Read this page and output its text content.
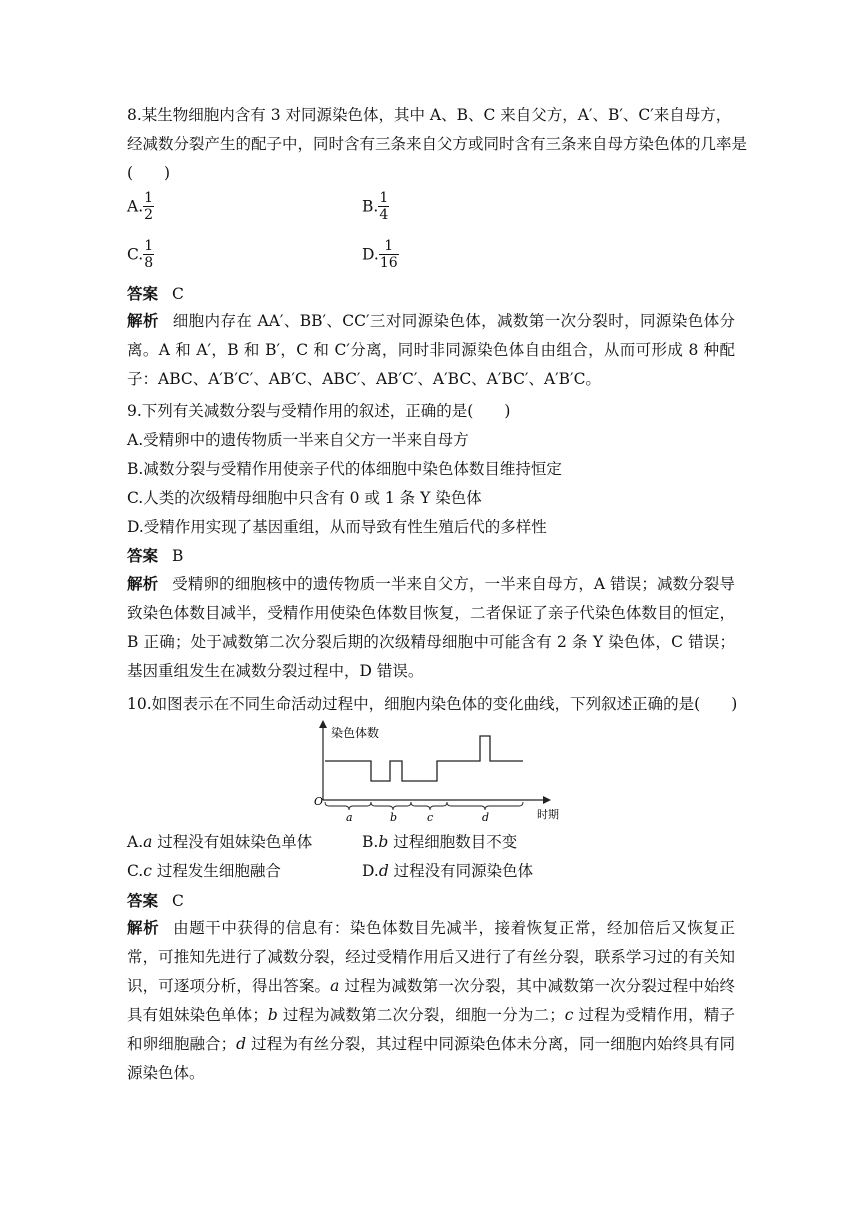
8.某生物细胞内含有 3 对同源染色体，其中 A、B、C 来自父方，A′、B′、C′来自母方，
经减数分裂产生的配子中，同时含有三条来自父方或同时含有三条来自母方染色体的几率是
(　　)
A. $\frac{1}{2}$	B. $\frac{1}{4}$
C. $\frac{1}{8}$	D. $\frac{1}{16}$
答案 C
解析 细胞内存在 AA′、BB′、CC′三对同源染色体，减数第一次分裂时，同源染色体分离。A 和 A′，B 和 B′，C 和 C′分离，同时非同源染色体自由组合，从而可形成 8 种配子：ABC、A′B′C′、AB′C、ABC′、AB′C′、A′BC、A′BC′、A′B′C。
9.下列有关减数分裂与受精作用的叙述，正确的是(　　)
A.受精卵中的遗传物质一半来自父方一半来自母方
B.减数分裂与受精作用使亲子代的体细胞中染色体数目维持恒定
C.人类的次级精母细胞中只含有 0 或 1 条 Y 染色体
D.受精作用实现了基因重组，从而导致有性生殖后代的多样性
答案 B
解析 受精卵的细胞核中的遗传物质一半来自父方，一半来自母方，A 错误；减数分裂导致染色体数目减半，受精作用使染色体数目恢复，二者保证了亲子代染色体数目的恒定，B 正确；处于减数第二次分裂后期的次级精母细胞中可能含有 2 条 Y 染色体，C 错误；基因重组发生在减数分裂过程中，D 错误。
10.如图表示在不同生命活动过程中，细胞内染色体的变化曲线，下列叙述正确的是(　　)
染色体数
O
时期
a	b	c	d
A.a 过程没有姐妹染色单体	B.b 过程细胞数目不变
C.c 过程发生细胞融合	D.d 过程没有同源染色体
答案 C
解析 由题干中获得的信息有：染色体数目先减半，接着恢复正常，经加倍后又恢复正常，可推知先进行了减数分裂，经过受精作用后又进行了有丝分裂，联系学习过的有关知识，可逐项分析，得出答案。a 过程为减数第一次分裂，其中减数第一次分裂过程中始终具有姐妹染色单体；b 过程为减数第二次分裂，细胞一分为二；c 过程为受精作用，精子和卵细胞融合；d 过程为有丝分裂，其过程中同源染色体未分离，同一细胞内始终具有同源染色体。
